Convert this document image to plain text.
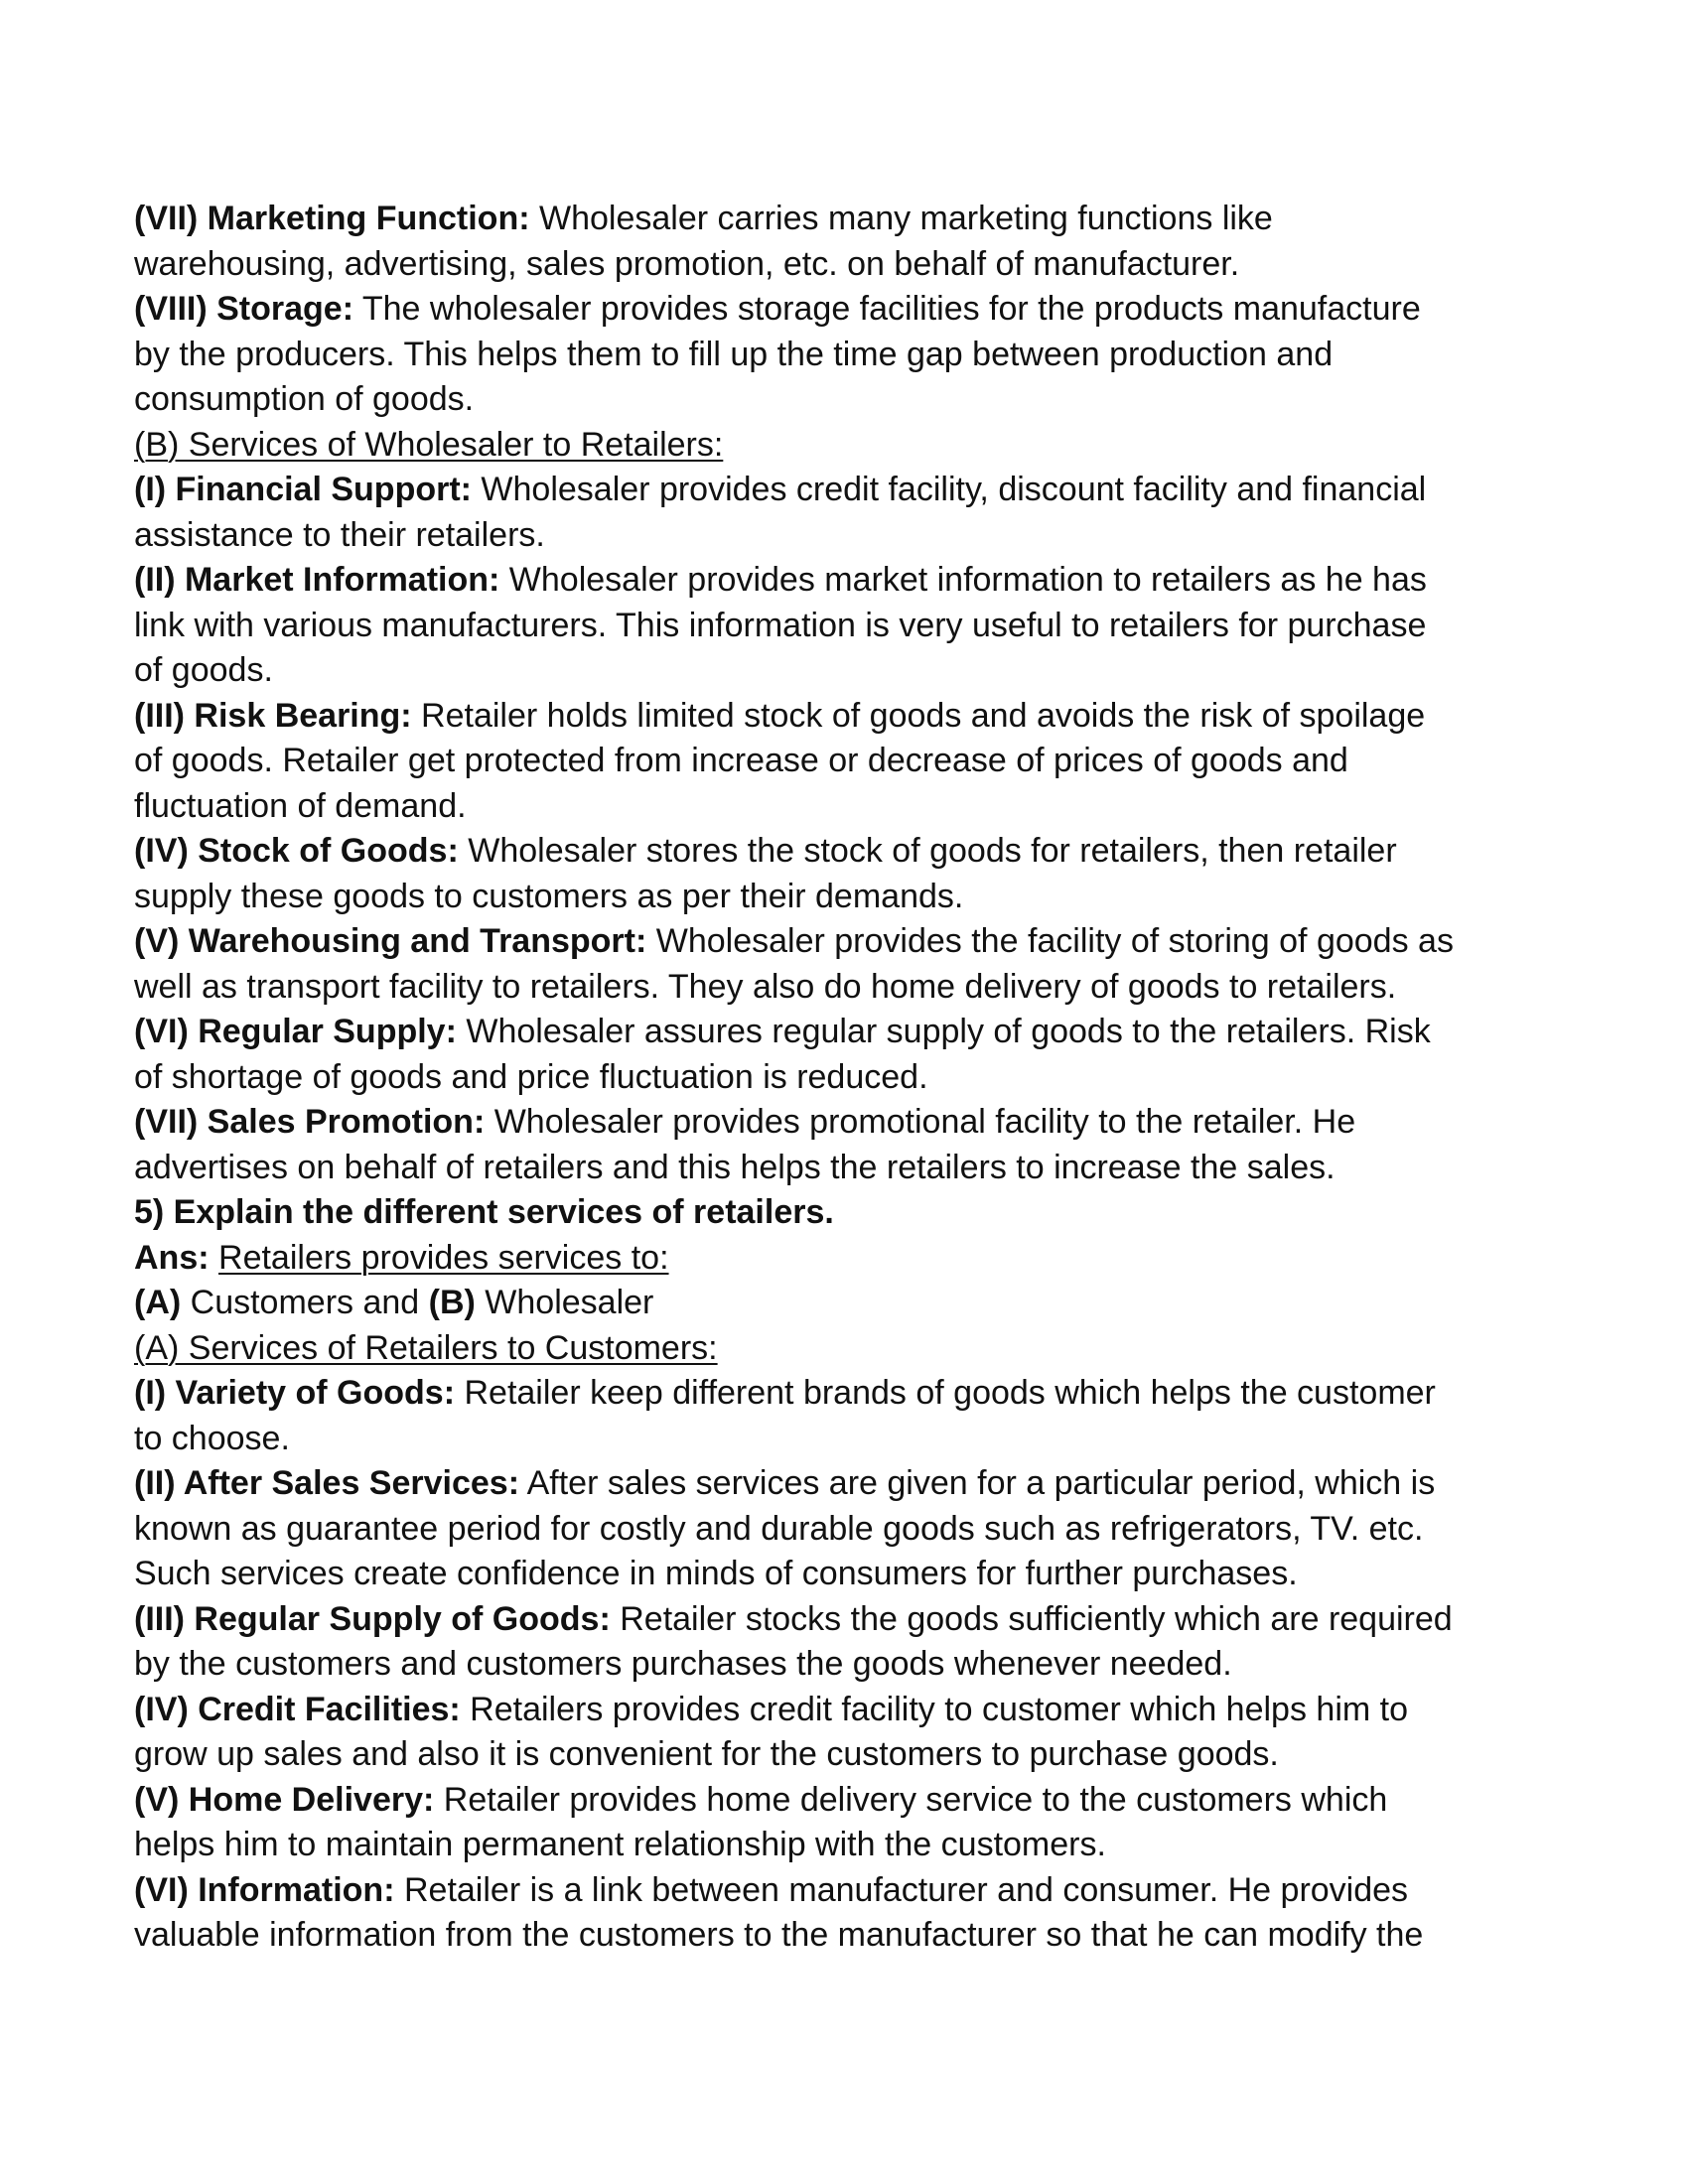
(VII) Marketing Function: Wholesaler carries many marketing functions like
warehousing, advertising, sales promotion, etc. on behalf of manufacturer.
(VIII) Storage: The wholesaler provides storage facilities for the products manufacture
by the producers. This helps them to fill up the time gap between production and
consumption of goods.
(B) Services of Wholesaler to Retailers:
(I) Financial Support: Wholesaler provides credit facility, discount facility and financial
assistance to their retailers.
(II) Market Information: Wholesaler provides market information to retailers as he has
link with various manufacturers. This information is very useful to retailers for purchase
of goods.
(III) Risk Bearing: Retailer holds limited stock of goods and avoids the risk of spoilage
of goods. Retailer get protected from increase or decrease of prices of goods and
fluctuation of demand.
(IV) Stock of Goods: Wholesaler stores the stock of goods for retailers, then retailer
supply these goods to customers as per their demands.
(V) Warehousing and Transport: Wholesaler provides the facility of storing of goods as
well as transport facility to retailers. They also do home delivery of goods to retailers.
(VI) Regular Supply: Wholesaler assures regular supply of goods to the retailers. Risk
of shortage of goods and price fluctuation is reduced.
(VII) Sales Promotion: Wholesaler provides promotional facility to the retailer. He
advertises on behalf of retailers and this helps the retailers to increase the sales.
5) Explain the different services of retailers.
Ans: Retailers provides services to:
(A) Customers and (B) Wholesaler
(A) Services of Retailers to Customers:
(I) Variety of Goods: Retailer keep different brands of goods which helps the customer
to choose.
(II) After Sales Services: After sales services are given for a particular period, which is
known as guarantee period for costly and durable goods such as refrigerators, TV. etc.
Such services create confidence in minds of consumers for further purchases.
(III) Regular Supply of Goods: Retailer stocks the goods sufficiently which are required
by the customers and customers purchases the goods whenever needed.
(IV) Credit Facilities: Retailers provides credit facility to customer which helps him to
grow up sales and also it is convenient for the customers to purchase goods.
(V) Home Delivery: Retailer provides home delivery service to the customers which
helps him to maintain permanent relationship with the customers.
(VI) Information: Retailer is a link between manufacturer and consumer. He provides
valuable information from the customers to the manufacturer so that he can modify the
